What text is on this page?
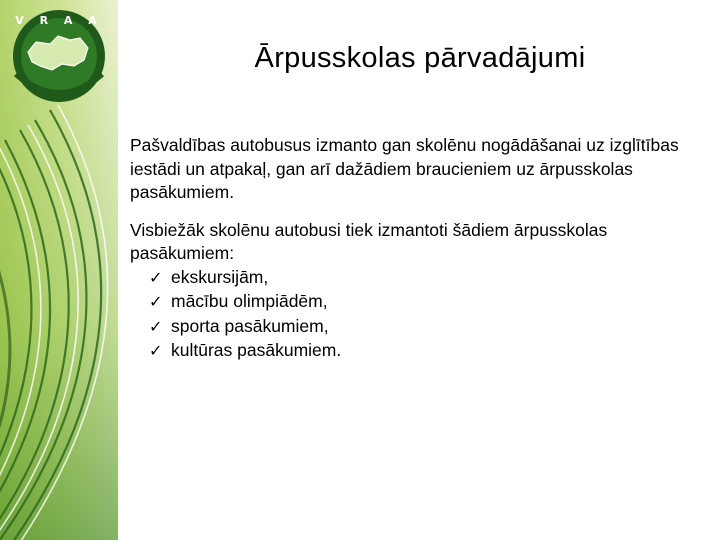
V R A A
Ārpusskolas pārvadājumi

Pašvaldības autobusus izmanto gan skolēnu nogādāšanai uz izglītības iestādi un atpakaļ, gan arī dažādiem braucieniem uz ārpusskolas pasākumiem.

Visbiežāk skolēnu autobusi tiek izmantoti šādiem ārpusskolas pasākumiem:

✓ ekskursijām,
✓ mācību olimpiādēm,
✓ sporta pasākumiem,
✓ kultūras pasākumiem.
